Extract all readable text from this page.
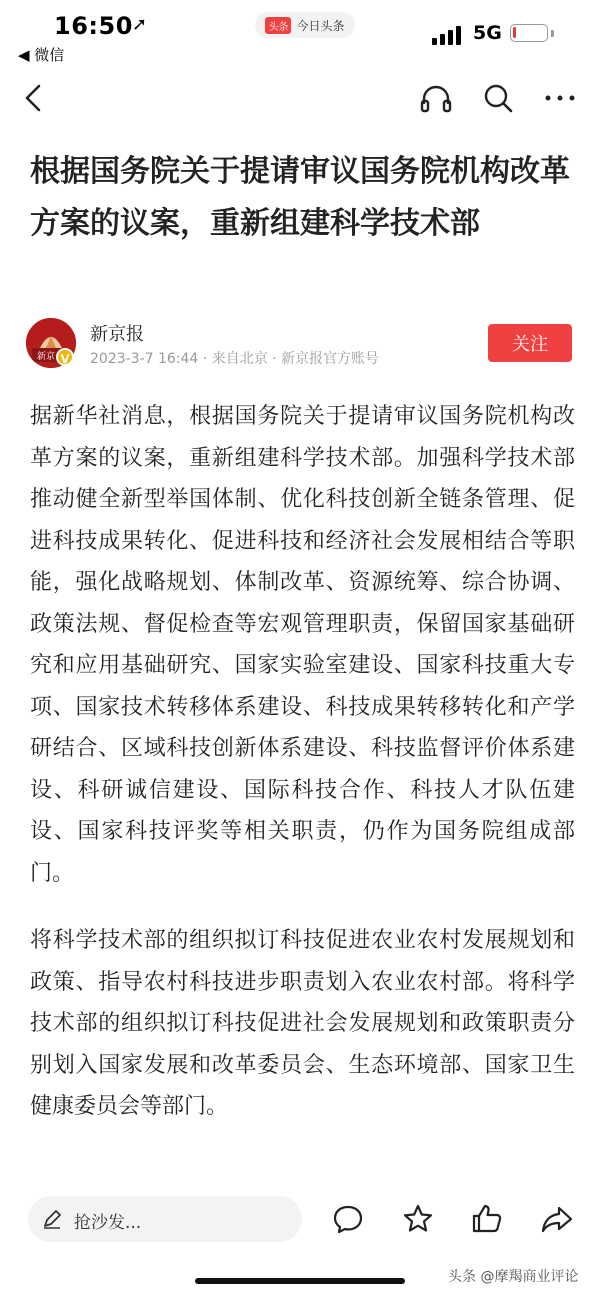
16:50 ➚
◀ 微信
头条 今日头条	5G
根据国务院关于提请审议国务院机构改革方案的议案，重新组建科学技术部
新京 V
新京报
2023-3-7 16:44 · 来自北京 · 新京报官方账号
关注

据新华社消息，根据国务院关于提请审议国务院机构改革方案的议案，重新组建科学技术部。加强科学技术部推动健全新型举国体制、优化科技创新全链条管理、促进科技成果转化、促进科技和经济社会发展相结合等职能，强化战略规划、体制改革、资源统筹、综合协调、政策法规、督促检查等宏观管理职责，保留国家基础研究和应用基础研究、国家实验室建设、国家科技重大专项、国家技术转移体系建设、科技成果转移转化和产学研结合、区域科技创新体系建设、科技监督评价体系建设、科研诚信建设、国际科技合作、科技人才队伍建设、国家科技评奖等相关职责，仍作为国务院组成部门。

将科学技术部的组织拟订科技促进农业农村发展规划和政策、指导农村科技进步职责划入农业农村部。将科学技术部的组织拟订科技促进社会发展规划和政策职责分别划入国家发展和改革委员会、生态环境部、国家卫生健康委员会等部门。

抢沙发...
头条 @摩羯商业评论
